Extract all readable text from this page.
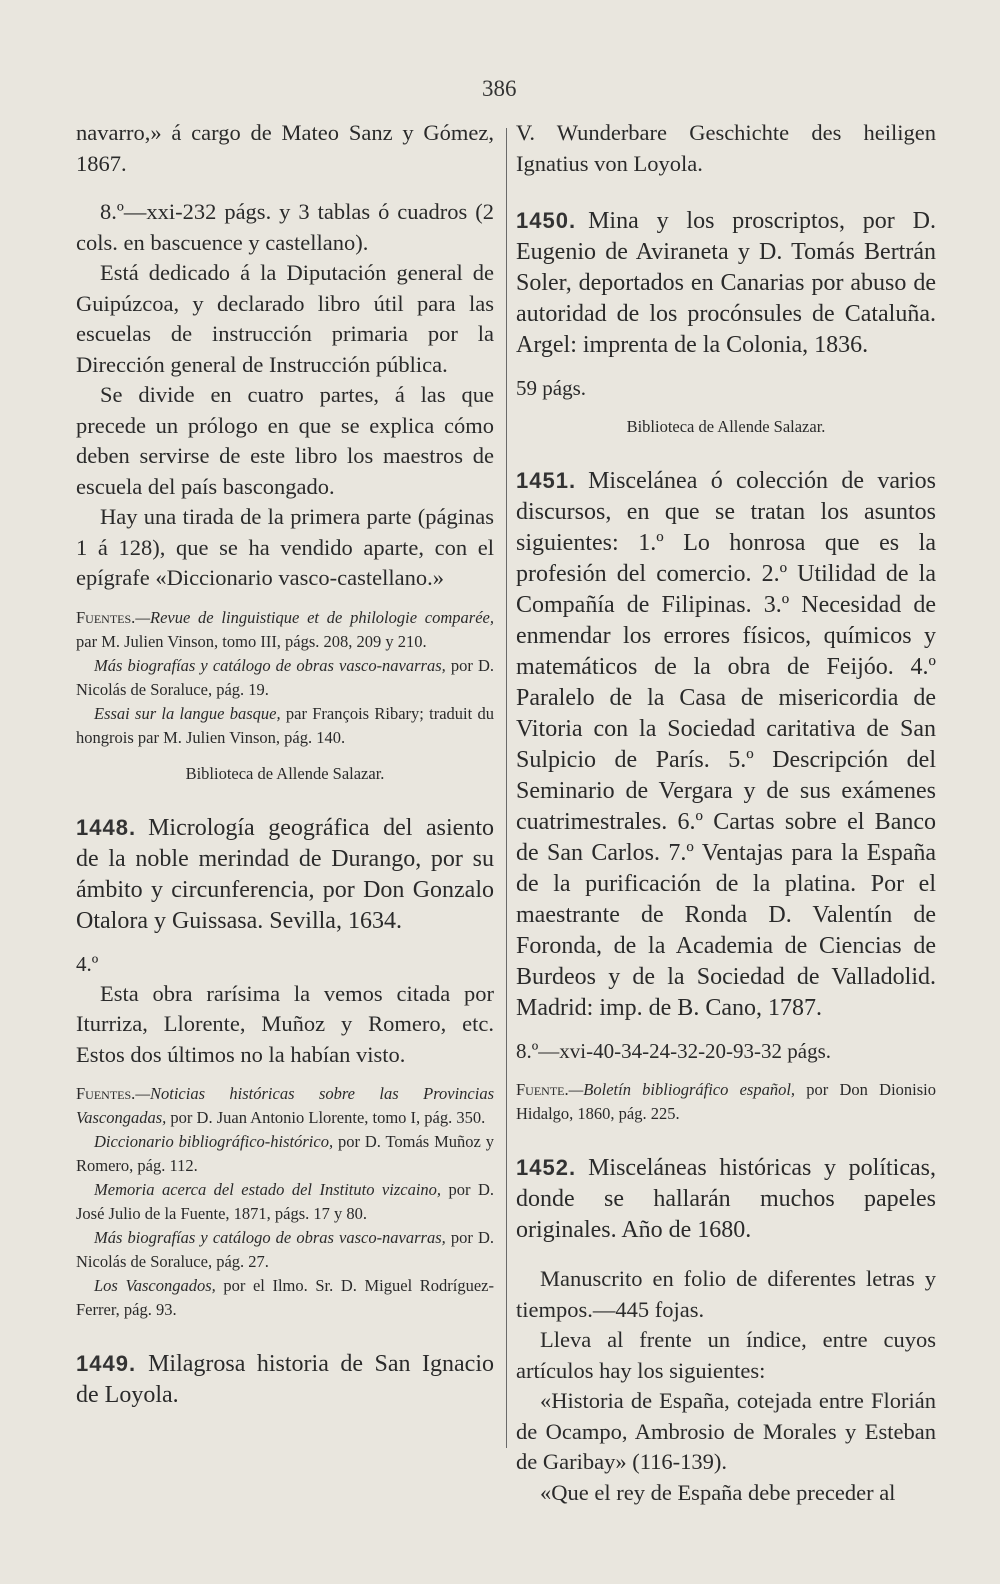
386

navarro,» á cargo de Mateo Sanz y Gómez, 1867.

8.º—xxi-232 págs. y 3 tablas ó cuadros (2 cols. en bascuence y castellano).

Está dedicado á la Diputación general de Guipúzcoa, y declarado libro útil para las escuelas de instrucción primaria por la Dirección general de Instrucción pública.

Se divide en cuatro partes, á las que precede un prólogo en que se explica cómo deben servirse de este libro los maestros de escuela del país bascongado.

Hay una tirada de la primera parte (páginas 1 á 128), que se ha vendido aparte, con el epígrafe «Diccionario vasco-castellano.»

Fuentes.—Revue de linguistique et de philologie comparée, par M. Julien Vinson, tomo III, págs. 208, 209 y 210.

Más biografías y catálogo de obras vasco-navarras, por D. Nicolás de Soraluce, pág. 19.

Essai sur la langue basque, par François Ribary; traduit du hongrois par M. Julien Vinson, pág. 140.

Biblioteca de Allende Salazar.

1448. Micrología geográfica del asiento de la noble merindad de Durango, por su ámbito y circunferencia, por Don Gonzalo Otalora y Guissasa. Sevilla, 1634.

4.º

Esta obra rarísima la vemos citada por Iturriza, Llorente, Muñoz y Romero, etc. Estos dos últimos no la habían visto.

Fuentes.—Noticias históricas sobre las Provincias Vascongadas, por D. Juan Antonio Llorente, tomo I, pág. 350.

Diccionario bibliográfico-histórico, por D. Tomás Muñoz y Romero, pág. 112.

Memoria acerca del estado del Instituto vizcaino, por D. José Julio de la Fuente, 1871, págs. 17 y 80.

Más biografías y catálogo de obras vasco-navarras, por D. Nicolás de Soraluce, pág. 27.

Los Vascongados, por el Ilmo. Sr. D. Miguel Rodríguez-Ferrer, pág. 93.

1449. Milagrosa historia de San Ignacio de Loyola.

V. Wunderbare Geschichte des heiligen Ignatius von Loyola.

1450. Mina y los proscriptos, por D. Eugenio de Aviraneta y D. Tomás Bertrán Soler, deportados en Canarias por abuso de autoridad de los procónsules de Cataluña. Argel: imprenta de la Colonia, 1836.

59 págs.

Biblioteca de Allende Salazar.

1451. Miscelánea ó colección de varios discursos, en que se tratan los asuntos siguientes: 1.º Lo honrosa que es la profesión del comercio. 2.º Utilidad de la Compañía de Filipinas. 3.º Necesidad de enmendar los errores físicos, químicos y matemáticos de la obra de Feijóo. 4.º Paralelo de la Casa de misericordia de Vitoria con la Sociedad caritativa de San Sulpicio de París. 5.º Descripción del Seminario de Vergara y de sus exámenes cuatrimestrales. 6.º Cartas sobre el Banco de San Carlos. 7.º Ventajas para la España de la purificación de la platina. Por el maestrante de Ronda D. Valentín de Foronda, de la Academia de Ciencias de Burdeos y de la Sociedad de Valladolid. Madrid: imp. de B. Cano, 1787.

8.º—xvi-40-34-24-32-20-93-32 págs.

Fuente.—Boletín bibliográfico español, por Don Dionisio Hidalgo, 1860, pág. 225.

1452. Misceláneas históricas y políticas, donde se hallarán muchos papeles originales. Año de 1680.

Manuscrito en folio de diferentes letras y tiempos.—445 fojas.

Lleva al frente un índice, entre cuyos artículos hay los siguientes:

«Historia de España, cotejada entre Florián de Ocampo, Ambrosio de Morales y Esteban de Garibay» (116-139).

«Que el rey de España debe preceder al
